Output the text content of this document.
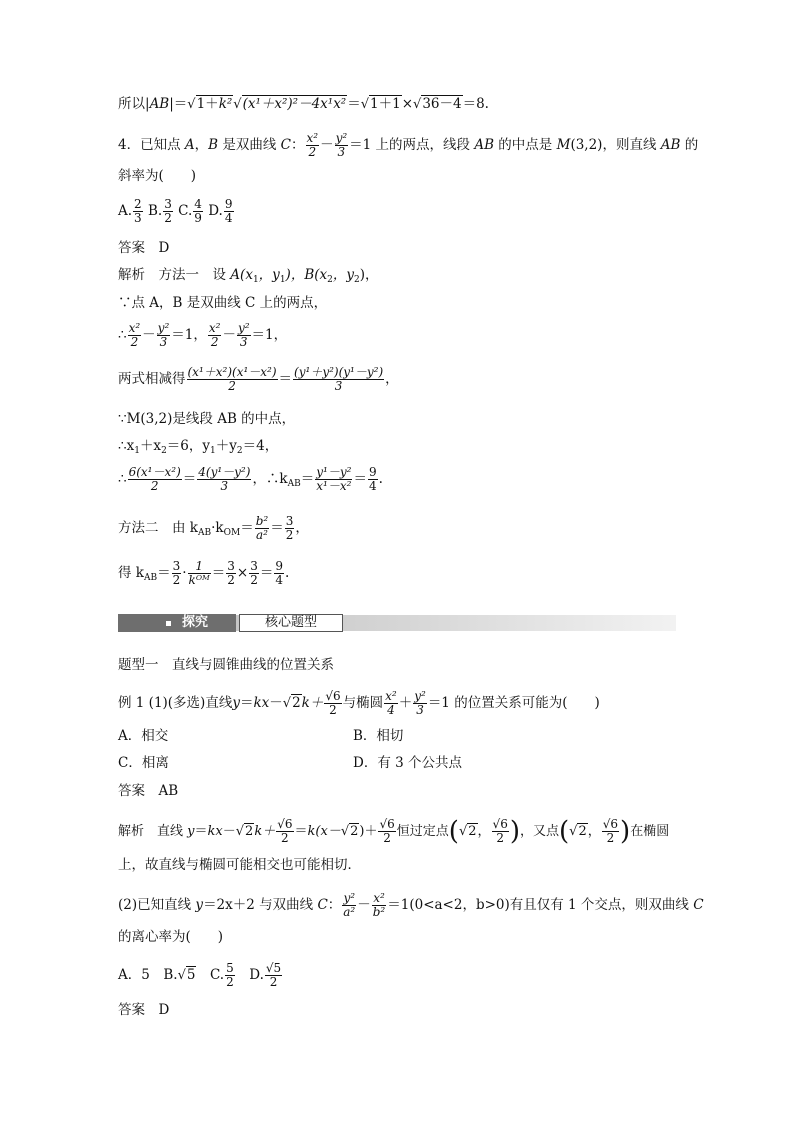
所以|AB|＝√1＋k²√(x¹＋x²)²－4x¹x²＝√1＋1×√36－4＝8.
4．已知点 A，B 是双曲线 C： $\frac{\text{x²}}{2} - \frac{\text{y²}}{3} =1$ 上的两点，线段 AB 的中点是 M(3,2)，则直线 AB 的
斜率为(　　)
A. $\frac{2}{3} B$. $\frac{3}{2} C$. $\frac{4}{9} D$. $\frac{9}{4}$
答案　D
解析　方法一　设 $A(x_1$，$y_1$)，$B(x_2$，$y_2$)，
∵点 A，B 是双曲线 C 上的两点，
∴ $\frac{\text{x²}}{2} - \frac{\text{y²}}{3} =1$， $\frac{\text{x²}}{2} - \frac{\text{y²}}{3} =1$，
两式相减得 $\frac{\text{(x¹＋x²)(x¹－x²)}}{2} = \frac{\text{(y¹＋y²)(y¹－y²)}}{3}$ ，
∵M(3,2)是线段 AB 的中点，
$\therefore x_1+x_2=6$，$y_1+y_2=4$，
∴ $\frac{\text{6(x¹－x²)}}{2} = \frac{\text{4(y¹－y²)}}{3}$ ，$\therefore k_{AB}= \frac{\text{y¹－y²}}{\text{x¹－x²}} = \frac{9}{4}$ .
方法二　由 $k_{AB}\cdot k_{OM}= \frac{\text{b²}}{\text{a²}} = \frac{3}{2}$ ，
得 $k_{AB}= \frac{3}{2} \cdot 1$
kᴼᴹ ＝ $\frac{3}{2} \times \frac{3}{2} = \frac{9}{4}$ .
探究	核心题型
题型一　直线与圆锥曲线的位置关系
例 1 (1)(多选)直线$y=kx-√2k+ \frac{√6}{2}$ 与椭圆 $\frac{\text{x²}}{4} + \frac{\text{y²}}{3} =1$ 的位置关系可能为(　　)
A．相交	B．相切
C．相离	D．有 3 个公共点
答案　AB
解析　直线 $y=kx-√2k+ \frac{√6}{2} =k(x-√2)+ \frac{√6}{2}$ 恒过定点(√2， $\frac{√6}{2}$ )，又点(√2， $\frac{√6}{2}$ )在椭圆
上，故直线与椭圆可能相交也可能相切．
(2)已知直线 y＝2x＋2 与双曲线 C： $\frac{\text{y²}}{\text{a²}} - \frac{\text{x²}}{\text{b²}} =1(0<a<2$，b>0)有且仅有 1 个交点，则双曲线 C
的离心率为(　　)
A．5　B.√5　C. $\frac{5}{2}$ 　D. $\frac{√5}{2}$
答案　D
